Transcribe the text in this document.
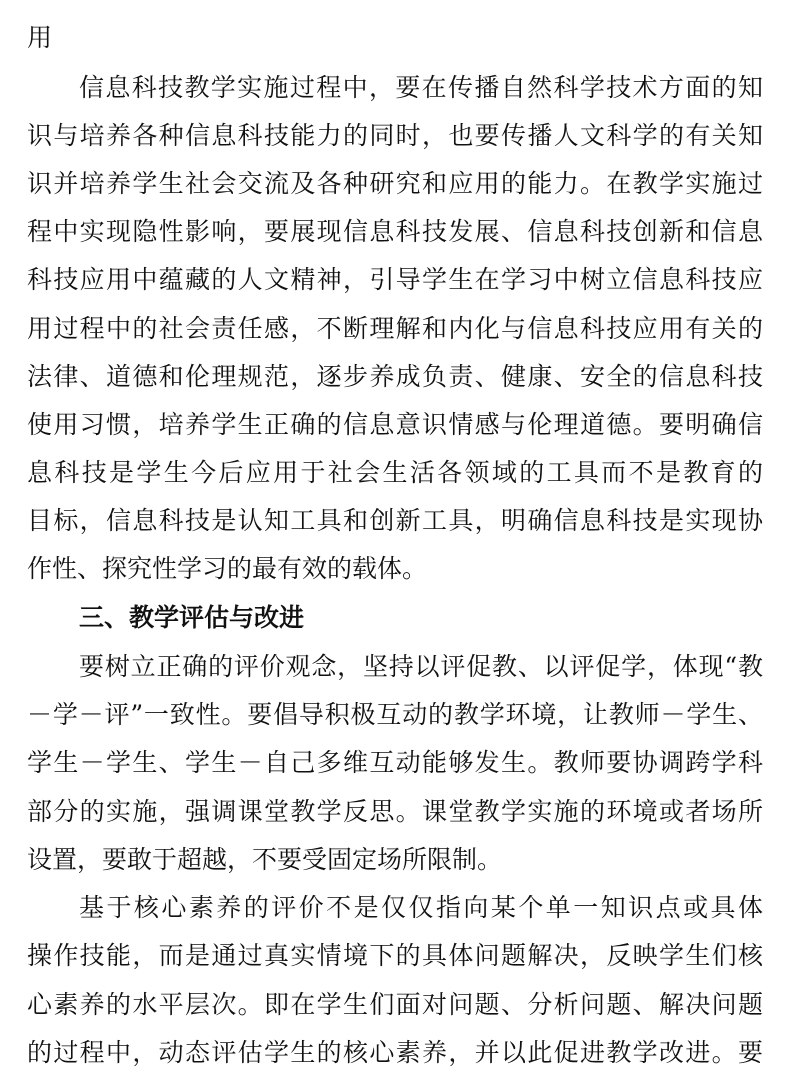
用
信息科技教学实施过程中，要在传播自然科学技术方面的知
识与培养各种信息科技能力的同时，也要传播人文科学的有关知
识并培养学生社会交流及各种研究和应用的能力。在教学实施过
程中实现隐性影响，要展现信息科技发展、信息科技创新和信息
科技应用中蕴藏的人文精神，引导学生在学习中树立信息科技应
用过程中的社会责任感，不断理解和内化与信息科技应用有关的
法律、道德和伦理规范，逐步养成负责、健康、安全的信息科技
使用习惯，培养学生正确的信息意识情感与伦理道德。要明确信
息科技是学生今后应用于社会生活各领域的工具而不是教育的
目标，信息科技是认知工具和创新工具，明确信息科技是实现协
作性、探究性学习的最有效的载体。
三、教学评估与改进
要树立正确的评价观念，坚持以评促教、以评促学，体现“教
－学－评”一致性。要倡导积极互动的教学环境，让教师－学生、
学生－学生、学生－自己多维互动能够发生。教师要协调跨学科
部分的实施，强调课堂教学反思。课堂教学实施的环境或者场所
设置，要敢于超越，不要受固定场所限制。
基于核心素养的评价不是仅仅指向某个单一知识点或具体
操作技能，而是通过真实情境下的具体问题解决，反映学生们核
心素养的水平层次。即在学生们面对问题、分析问题、解决问题
的过程中，动态评估学生的核心素养，并以此促进教学改进。要
